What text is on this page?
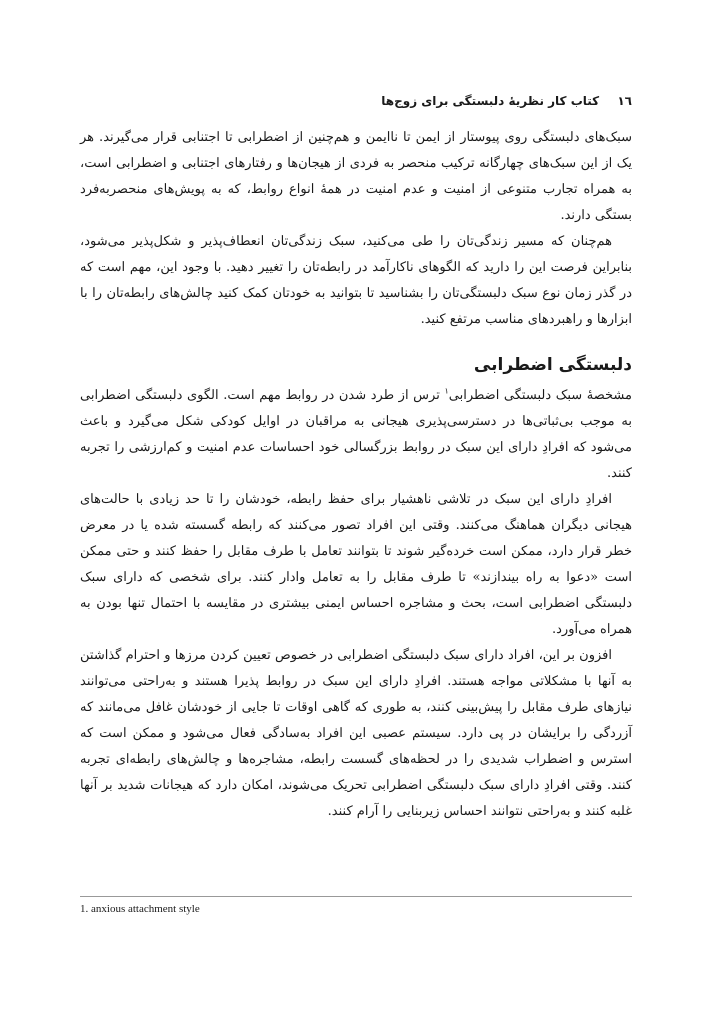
١٦ کتاب کار نظریهٔ دلبستگی برای زوج‌ها

سبک‌های دلبستگی روی پیوستار از ایمن تا ناایمن و هم‌چنین از اضطرابی تا اجتنابی قرار می‌گیرند. هر یک از این سبک‌های چهارگانه ترکیب منحصر به فردی از هیجان‌ها و رفتارهای اجتنابی و اضطرابی است، به همراه تجارب متنوعی از امنیت و عدم امنیت در همهٔ انواع روابط، که به پویش‌های منحصربه‌فرد بستگی دارند.

هم‌چنان که مسیر زندگی‌تان را طی می‌کنید، سبک زندگی‌تان انعطاف‌پذیر و شکل‌پذیر می‌شود، بنابراین فرصت این را دارید که الگوهای ناکارآمد در رابطه‌تان را تغییر دهید. با وجود این، مهم است که در گذر زمان نوع سبک دلبستگی‌تان را بشناسید تا بتوانید به خودتان کمک کنید چالش‌های رابطه‌تان را با ابزارها و راهبردهای مناسب مرتفع کنید.

دلبستگی اضطرابی

مشخصهٔ سبک دلبستگی اضطرابی$^١$ ترس از طرد شدن در روابط مهم است. الگوی دلبستگی اضطرابی به موجب بی‌ثباتی‌ها در دسترسی‌پذیری هیجانی به مراقبان در اوایل کودکی شکل می‌گیرد و باعث می‌شود که افرادِ دارای این سبک در روابط بزرگسالی خود احساسات عدم امنیت و کم‌ارزشی را تجربه کنند.

افرادِ دارای این سبک در تلاشی ناهشیار برای حفظ رابطه، خودشان را تا حد زیادی با حالت‌های هیجانی دیگران هماهنگ می‌کنند. وقتی این افراد تصور می‌کنند که رابطه گسسته شده یا در معرض خطر قرار دارد، ممکن است خرده‌گیر شوند تا بتوانند تعامل با طرف مقابل را حفظ کنند و حتی ممکن است «دعوا به راه بیندازند» تا طرف مقابل را به تعامل وادار کنند. برای شخصی که دارای سبک دلبستگی اضطرابی است، بحث و مشاجره احساس ایمنی بیشتری در مقایسه با احتمال تنها بودن به همراه می‌آورد.

افزون بر این، افراد دارای سبک دلبستگی اضطرابی در خصوص تعیین کردن مرزها و احترام گذاشتن به آنها با مشکلاتی مواجه هستند. افرادِ دارای این سبک در روابط پذیرا هستند و به‌راحتی می‌توانند نیازهای طرف مقابل را پیش‌بینی کنند، به طوری که گاهی اوقات تا جایی از خودشان غافل می‌مانند که آزردگی را برایشان در پی دارد. سیستم عصبی این افراد به‌سادگی فعال می‌شود و ممکن است که استرس و اضطراب شدیدی را در لحظه‌های گسست رابطه، مشاجره‌ها و چالش‌های رابطه‌ای تجربه کنند. وقتی افرادِ دارای سبک دلبستگی اضطرابی تحریک می‌شوند، امکان دارد که هیجانات شدید بر آنها غلبه کنند و به‌راحتی نتوانند احساس زیربنایی را آرام کنند.

1. anxious attachment style
